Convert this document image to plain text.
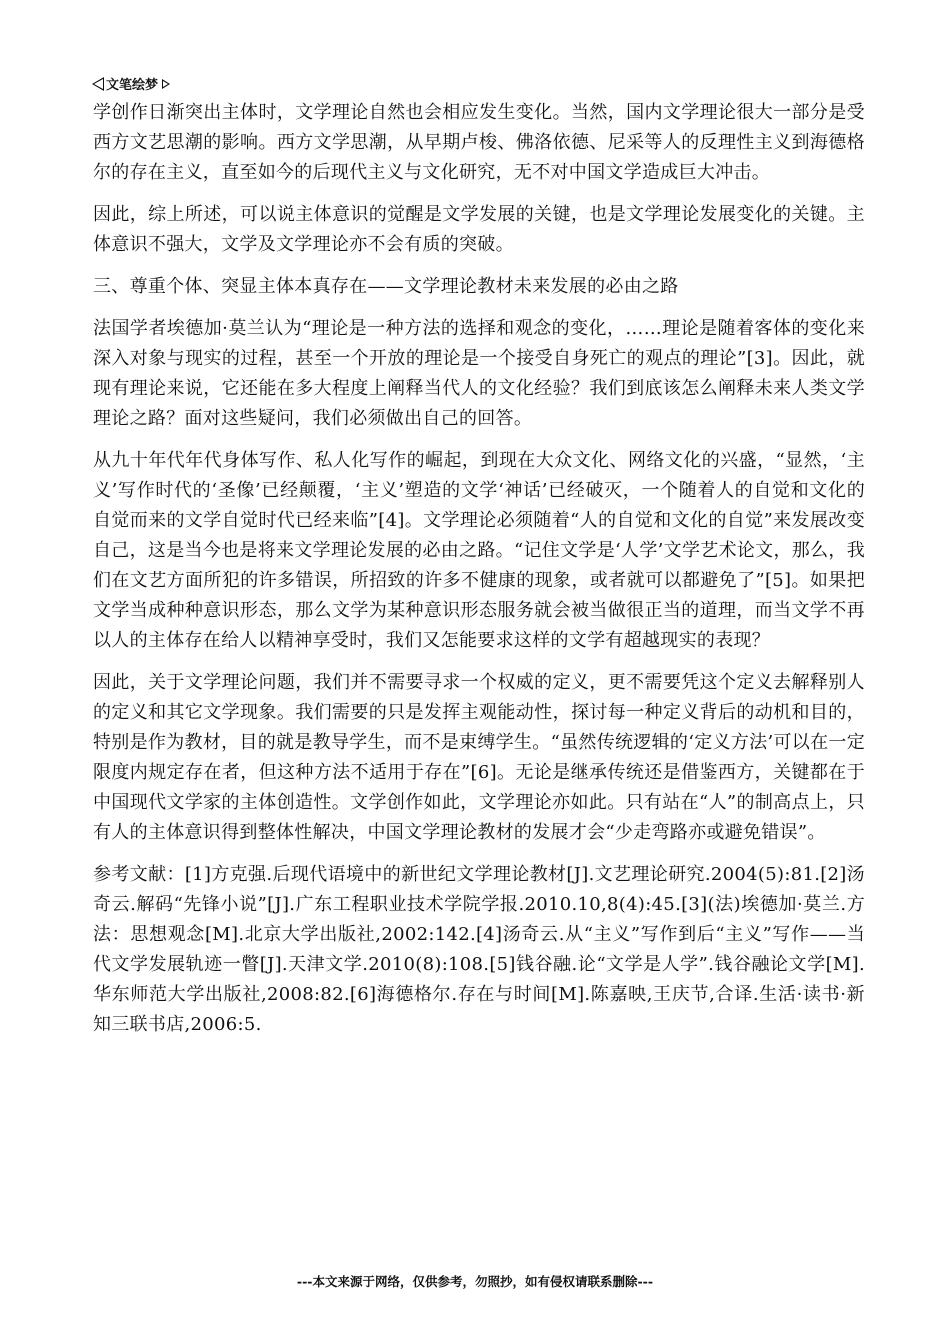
文笔绘梦

学创作日渐突出主体时，文学理论自然也会相应发生变化。当然，国内文学理论很大一部分是受西方文艺思潮的影响。西方文学思潮，从早期卢梭、佛洛依德、尼采等人的反理性主义到海德格尔的存在主义，直至如今的后现代主义与文化研究，无不对中国文学造成巨大冲击。

因此，综上所述，可以说主体意识的觉醒是文学发展的关键，也是文学理论发展变化的关键。主体意识不强大，文学及文学理论亦不会有质的突破。

三、尊重个体、突显主体本真存在——文学理论教材未来发展的必由之路

法国学者埃德加·莫兰认为“理论是一种方法的选择和观念的变化，……理论是随着客体的变化来深入对象与现实的过程，甚至一个开放的理论是一个接受自身死亡的观点的理论”[3]。因此，就现有理论来说，它还能在多大程度上阐释当代人的文化经验？我们到底该怎么阐释未来人类文学理论之路？面对这些疑问，我们必须做出自己的回答。

从九十年代年代身体写作、私人化写作的崛起，到现在大众文化、网络文化的兴盛，“显然，‘主义’写作时代的‘圣像’已经颠覆，‘主义’塑造的文学‘神话’已经破灭，一个随着人的自觉和文化的自觉而来的文学自觉时代已经来临”[4]。文学理论必须随着“人的自觉和文化的自觉”来发展改变自己，这是当今也是将来文学理论发展的必由之路。“记住文学是‘人学’文学艺术论文，那么，我们在文艺方面所犯的许多错误，所招致的许多不健康的现象，或者就可以都避免了”[5]。如果把文学当成种种意识形态，那么文学为某种意识形态服务就会被当做很正当的道理，而当文学不再以人的主体存在给人以精神享受时，我们又怎能要求这样的文学有超越现实的表现？

因此，关于文学理论问题，我们并不需要寻求一个权威的定义，更不需要凭这个定义去解释别人的定义和其它文学现象。我们需要的只是发挥主观能动性，探讨每一种定义背后的动机和目的，特别是作为教材，目的就是教导学生，而不是束缚学生。“虽然传统逻辑的‘定义方法’可以在一定限度内规定存在者，但这种方法不适用于存在”[6]。无论是继承传统还是借鉴西方，关键都在于中国现代文学家的主体创造性。文学创作如此，文学理论亦如此。只有站在“人”的制高点上，只有人的主体意识得到整体性解决，中国文学理论教材的发展才会“少走弯路亦或避免错误”。

参考文献：[1]方克强.后现代语境中的新世纪文学理论教材[J].文艺理论研究.2004(5):81.[2]汤奇云.解码“先锋小说”[J].广东工程职业技术学院学报.2010.10,8(4):45.[3](法)埃德加·莫兰.方法：思想观念[M].北京大学出版社,2002:142.[4]汤奇云.从“主义”写作到后“主义”写作——当代文学发展轨迹一瞥[J].天津文学.2010(8):108.[5]钱谷融.论“文学是人学”.钱谷融论文学[M].华东师范大学出版社,2008:82.[6]海德格尔.存在与时间[M].陈嘉映,王庆节,合译.生活·读书·新知三联书店,2006:5.

---本文来源于网络，仅供参考，勿照抄，如有侵权请联系删除---
